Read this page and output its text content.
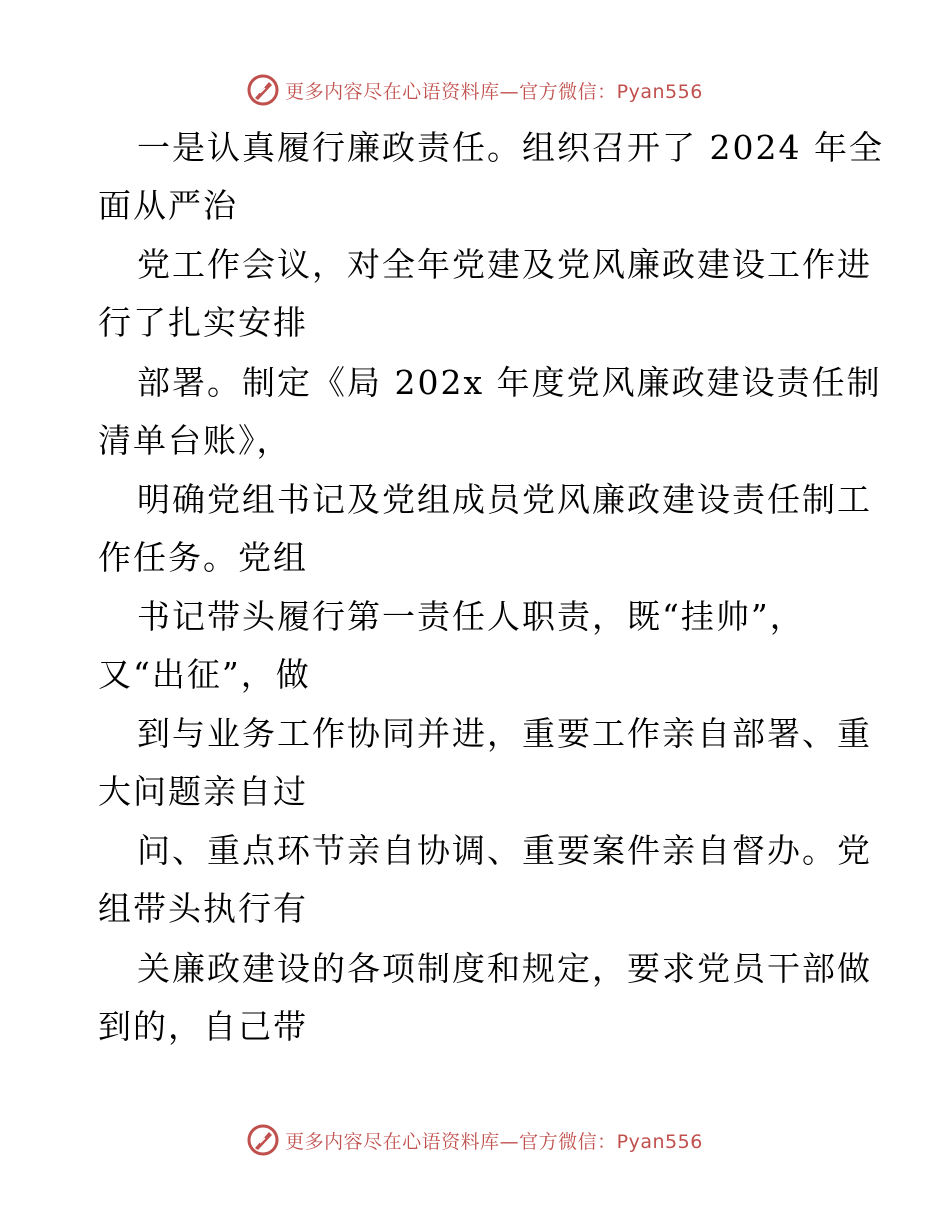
更多内容尽在心语资料库—官方微信：Pyan556
一是认真履行廉政责任。组织召开了 2024 年全
面从严治
党工作会议，对全年党建及党风廉政建设工作进
行了扎实安排
部署。制定《局 202x 年度党风廉政建设责任制
清单台账》，
明确党组书记及党组成员党风廉政建设责任制工
作任务。党组
书记带头履行第一责任人职责，既“挂帅”，
又“出征”，做
到与业务工作协同并进，重要工作亲自部署、重
大问题亲自过
问、重点环节亲自协调、重要案件亲自督办。党
组带头执行有
关廉政建设的各项制度和规定，要求党员干部做
到的，自己带
更多内容尽在心语资料库—官方微信：Pyan556
